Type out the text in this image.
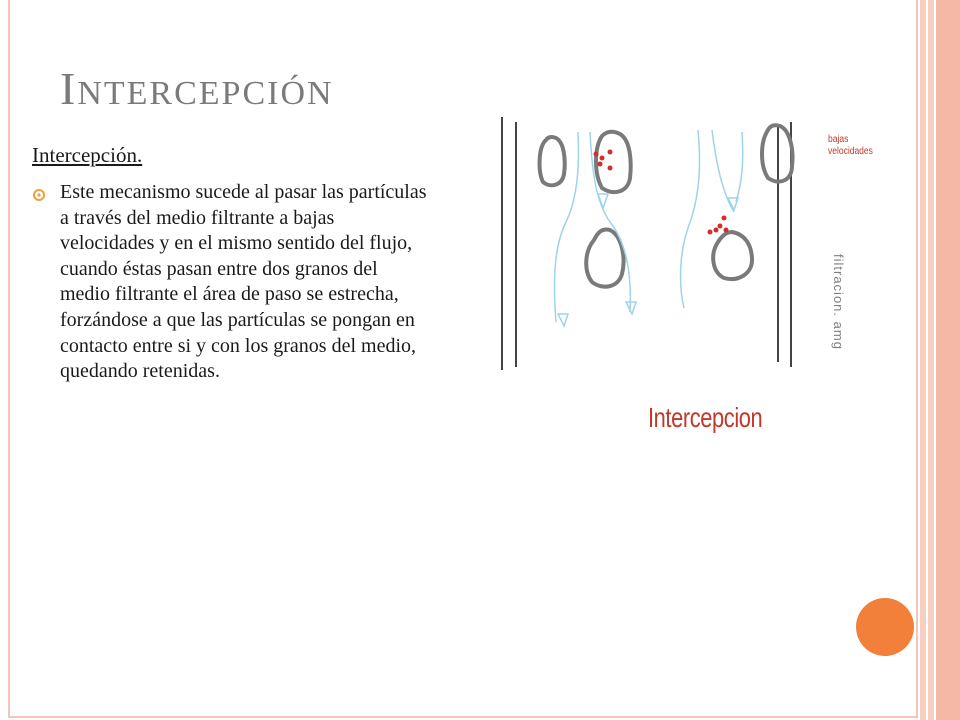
INTERCEPCIÓN
Intercepción.
Este mecanismo sucede al pasar las partículas a través del medio filtrante a bajas velocidades y en el mismo sentido del flujo, cuando éstas pasan entre dos granos del medio filtrante el área de paso se estrecha, forzándose a que las partículas se pongan en contacto entre si y con los granos del medio, quedando retenidas.
bajas
velocidades
Intercepcion
filtracion. amg
